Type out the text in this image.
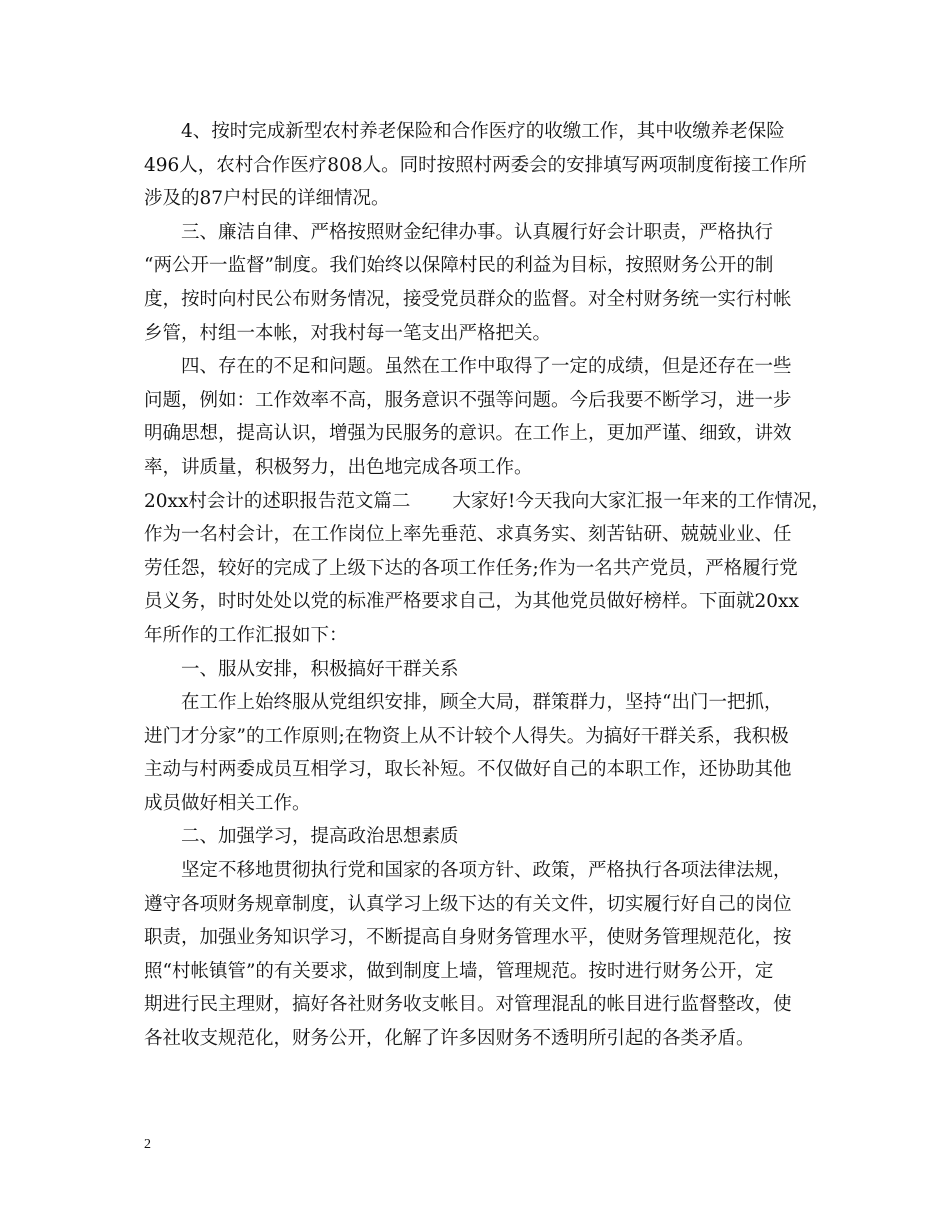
4、按时完成新型农村养老保险和合作医疗的收缴工作，其中收缴养老保险
496人，农村合作医疗808人。同时按照村两委会的安排填写两项制度衔接工作所
涉及的87户村民的详细情况。
三、廉洁自律、严格按照财金纪律办事。认真履行好会计职责，严格执行
“两公开一监督”制度。我们始终以保障村民的利益为目标，按照财务公开的制
度，按时向村民公布财务情况，接受党员群众的监督。对全村财务统一实行村帐
乡管，村组一本帐，对我村每一笔支出严格把关。
四、存在的不足和问题。虽然在工作中取得了一定的成绩，但是还存在一些
问题，例如：工作效率不高，服务意识不强等问题。今后我要不断学习，进一步
明确思想，提高认识，增强为民服务的意识。在工作上，更加严谨、细致，讲效
率，讲质量，积极努力，出色地完成各项工作。
20xx村会计的述职报告范文篇二 大家好!今天我向大家汇报一年来的工作情况，
作为一名村会计，在工作岗位上率先垂范、求真务实、刻苦钻研、兢兢业业、任
劳任怨，较好的完成了上级下达的各项工作任务;作为一名共产党员，严格履行党
员义务，时时处处以党的标准严格要求自己，为其他党员做好榜样。下面就20xx
年所作的工作汇报如下：
一、服从安排，积极搞好干群关系
在工作上始终服从党组织安排，顾全大局，群策群力，坚持“出门一把抓，
进门才分家”的工作原则;在物资上从不计较个人得失。为搞好干群关系，我积极
主动与村两委成员互相学习，取长补短。不仅做好自己的本职工作，还协助其他
成员做好相关工作。
二、加强学习，提高政治思想素质
坚定不移地贯彻执行党和国家的各项方针、政策，严格执行各项法律法规，
遵守各项财务规章制度，认真学习上级下达的有关文件，切实履行好自己的岗位
职责，加强业务知识学习，不断提高自身财务管理水平，使财务管理规范化，按
照“村帐镇管”的有关要求，做到制度上墙，管理规范。按时进行财务公开，定
期进行民主理财，搞好各社财务收支帐目。对管理混乱的帐目进行监督整改，使
各社收支规范化，财务公开，化解了许多因财务不透明所引起的各类矛盾。
2
